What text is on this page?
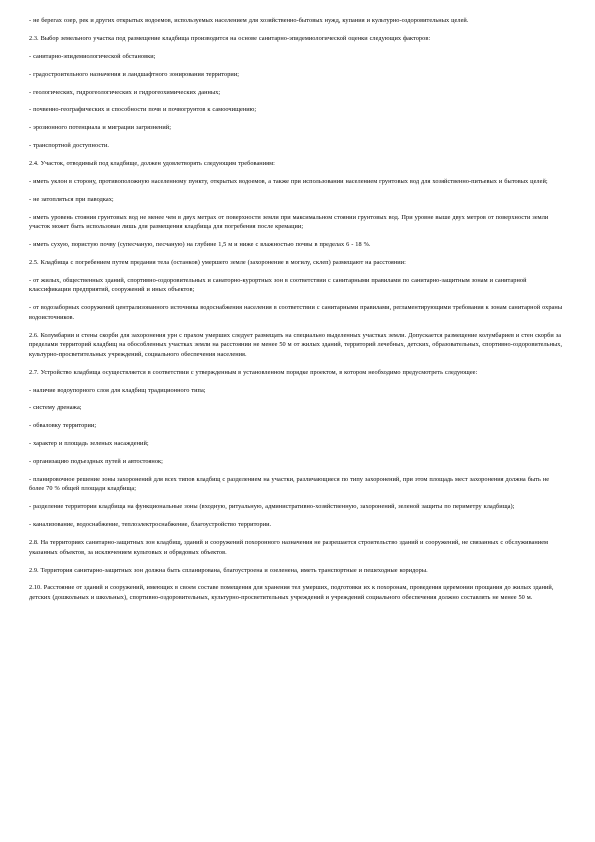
- не берегах озер, рек и других открытых водоемов, используемых населением для хозяйственно-бытовых нужд, купания и культурно-оздоровительных целей.

2.3. Выбор земельного участка под размещение кладбища производится на основе санитарно-эпидемиологической оценки следующих факторов:

- санитарно-эпидемиологической обстановки;

- градостроительного назначения и ландшафтного зонирования территории;

- геологических, гидрогеологических и гидрогеохимических данных;

- почвенно-географических и способности почв и почвогрунтов к самоочищению;

- эрозионного потенциала и миграции загрязнений;

- транспортной доступности.

2.4. Участок, отводимый под кладбище, должен удовлетворять следующим требованиям:

- иметь уклон в сторону, противоположную населенному пункту, открытых водоемов, а также при использовании населением грунтовых вод для хозяйственно-питьевых и бытовых целей;

- не затопляться при паводках;

- иметь уровень стояния грунтовых вод не менее чем в двух метрах от поверхности земли при максимальном стоянии грунтовых вод. При уровне выше двух метров от поверхности земли участок может быть использован лишь для размещения кладбища для погребения после кремации;

- иметь сухую, пористую почву (супесчаную, песчаную) на глубине 1,5 м и ниже с влажностью почвы в пределах 6 - 18 %.

2.5. Кладбища с погребением путем предания тела (останков) умершего земле (захоронение в могилу, склеп) размещают на расстоянии:

- от жилых, общественных зданий, спортивно-оздоровительных и санаторно-курортных зон в соответствии с санитарными правилами по санитарно-защитным зонам и санитарной классификации предприятий, сооружений и иных объектов;

- от водозаборных сооружений централизованного источника водоснабжения населения в соответствии с санитарными правилами, регламентирующими требования к зонам санитарной охраны водоисточников.

2.6. Колумбарии и стены скорби для захоронения урн с прахом умерших следует размещать на специально выделенных участках земли. Допускается размещение колумбариев и стен скорби за пределами территорий кладбищ на обособленных участках земли на расстоянии не менее 50 м от жилых зданий, территорий лечебных, детских, образовательных, спортивно-оздоровительных, культурно-просветительных учреждений, социального обеспечения населения.

2.7. Устройство кладбища осуществляется в соответствии с утвержденным в установленном порядке проектом, в котором необходимо предусмотреть следующее:

- наличие водоупорного слоя для кладбищ традиционного типа;

- систему дренажа;

- обваловку территории;

- характер и площадь зеленых насаждений;

- организацию подъездных путей и автостоянок;

- планировочное решение зоны захоронений для всех типов кладбищ с разделением на участки, различающиеся по типу захоронений, при этом площадь мест захоронения должна быть не более 70 % общей площади кладбища;

- разделение территории кладбища на функциональные зоны (входную, ритуальную, административно-хозяйственную, захоронений, зеленой защиты по периметру кладбища);

- канализование, водоснабжение, теплоэлектроснабжение, благоустройство территории.

2.8. На территориях санитарно-защитных зон кладбищ, зданий и сооружений похоронного назначения не разрешается строительство зданий и сооружений, не связанных с обслуживанием указанных объектов, за исключением культовых и обрядовых объектов.

2.9. Территория санитарно-защитных зон должна быть спланирована, благоустроена и озеленена, иметь транспортные и пешеходные коридоры.

2.10. Расстояние от зданий и сооружений, имеющих в своем составе помещения для хранения тел умерших, подготовки их к похоронам, проведения церемонии прощания до жилых зданий, детских (дошкольных и школьных), спортивно-оздоровительных, культурно-просветительных учреждений и учреждений социального обеспечения должно составлять не менее 50 м.
